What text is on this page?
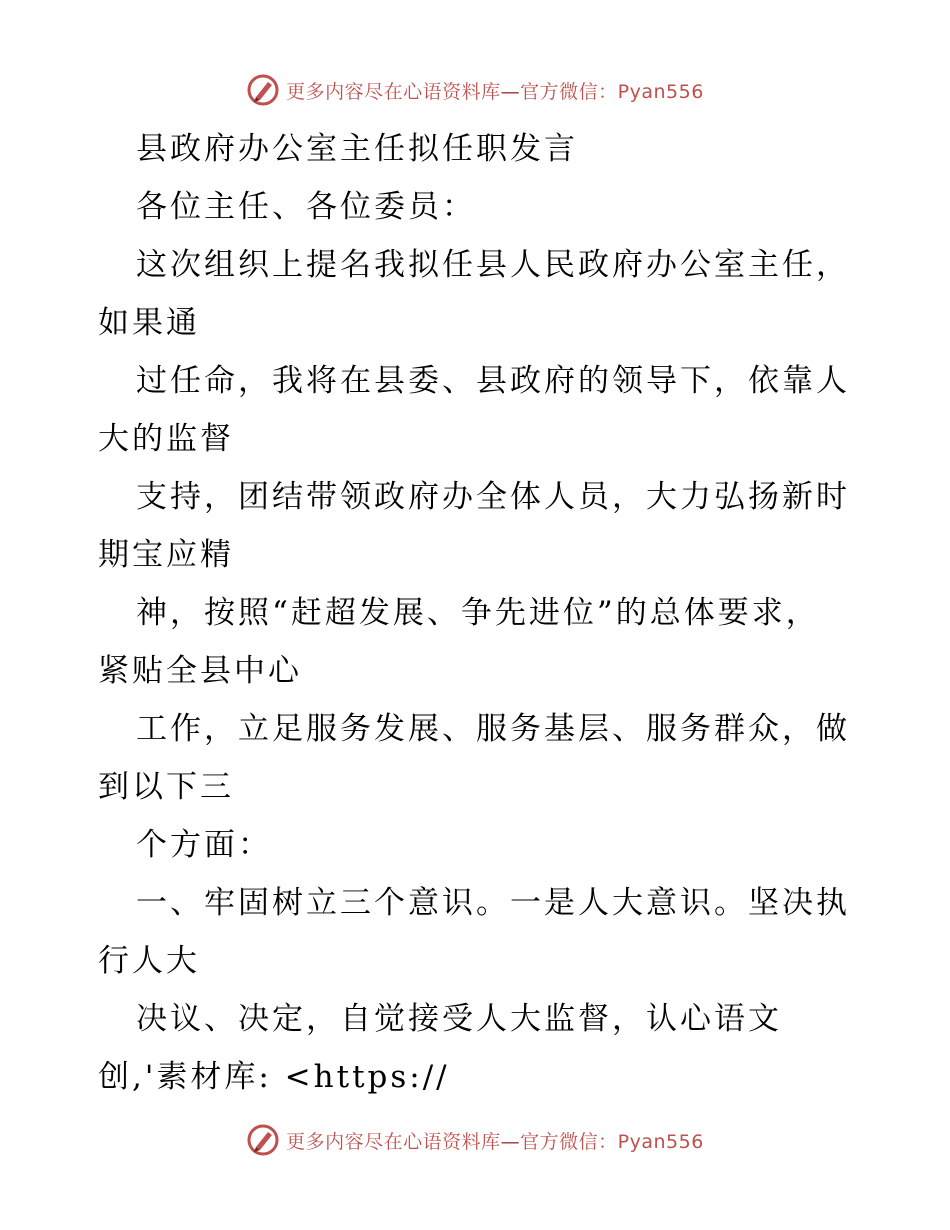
更多内容尽在心语资料库—官方微信：Pyan556
县政府办公室主任拟任职发言
各位主任、各位委员：
这次组织上提名我拟任县人民政府办公室主任，
如果通
过任命，我将在县委、县政府的领导下，依靠人
大的监督
支持，团结带领政府办全体人员，大力弘扬新时
期宝应精
神，按照“赶超发展、争先进位”的总体要求，
紧贴全县中心
工作，立足服务发展、服务基层、服务群众，做
到以下三
个方面：
一、牢固树立三个意识。一是人大意识。坚决执
行人大
决议、决定，自觉接受人大监督，认心语文
创,'素材库: <https://
更多内容尽在心语资料库—官方微信：Pyan556
